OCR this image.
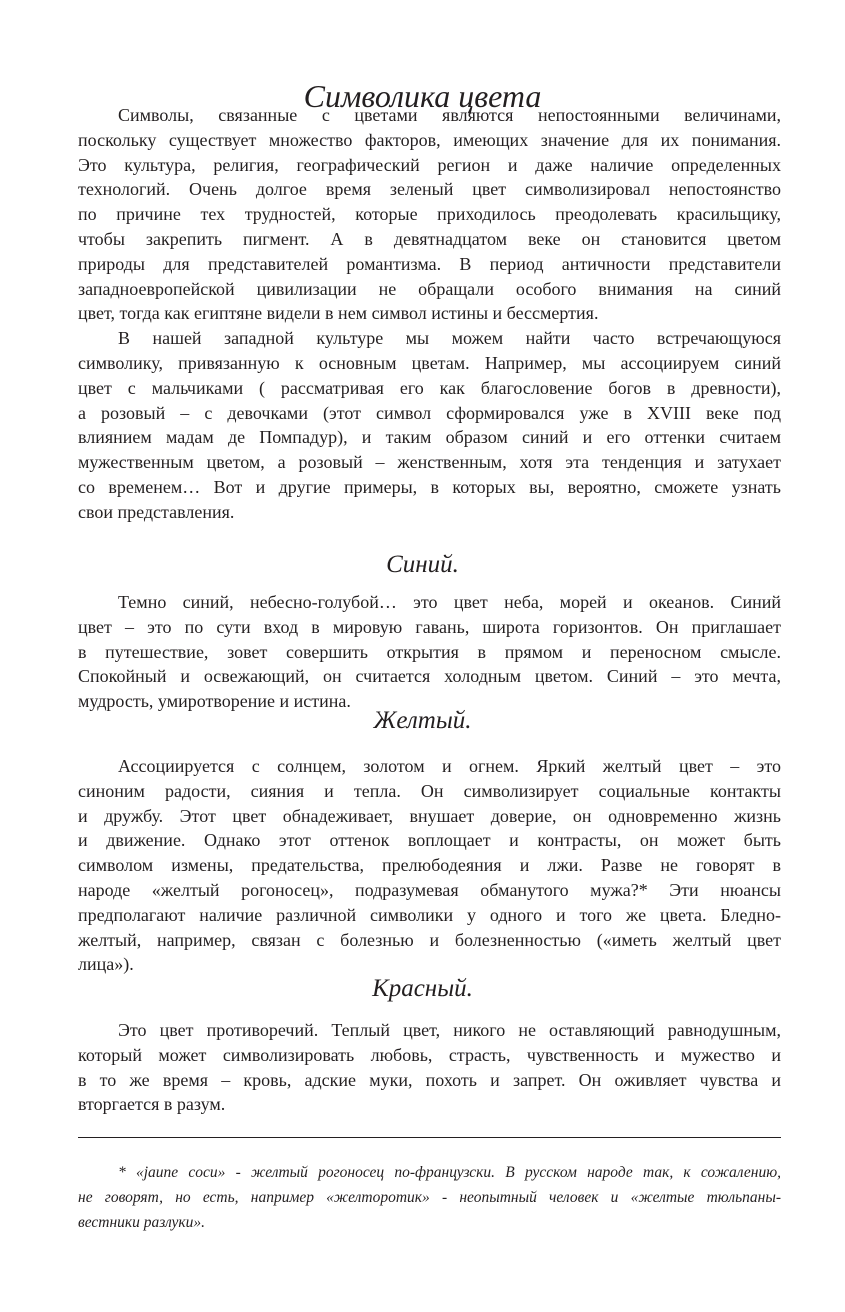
Символика цвета
Символы, связанные с цветами являются непостоянными величинами,
поскольку существует множество факторов, имеющих значение для их понимания.
Это культура, религия, географический регион и даже наличие определенных
технологий. Очень долгое время зеленый цвет символизировал непостоянство
по причине тех трудностей, которые приходилось преодолевать красильщику,
чтобы закрепить пигмент. А в девятнадцатом веке он становится цветом
природы для представителей романтизма. В период античности представители
западноевропейской цивилизации не обращали особого внимания на синий
цвет, тогда как египтяне видели в нем символ истины и бессмертия.
В нашей западной культуре мы можем найти часто встречающуюся
символику, привязанную к основным цветам. Например, мы ассоциируем синий
цвет с мальчиками ( рассматривая его как благословение богов в древности),
а розовый – с девочками (этот символ сформировался уже в XVIII веке под
влиянием мадам де Помпадур), и таким образом синий и его оттенки считаем
мужественным цветом, а розовый – женственным, хотя эта тенденция и затухает
со временем… Вот и другие примеры, в которых вы, вероятно, сможете узнать
свои представления.
Синий.
Темно синий, небесно-голубой… это цвет неба, морей и океанов. Синий
цвет – это по сути вход в мировую гавань, широта горизонтов. Он приглашает
в путешествие, зовет совершить открытия в прямом и переносном смысле.
Спокойный и освежающий, он считается холодным цветом. Синий – это мечта,
мудрость, умиротворение и истина.
Желтый.
Ассоциируется с солнцем, золотом и огнем. Яркий желтый цвет – это
синоним радости, сияния и тепла. Он символизирует социальные контакты
и дружбу. Этот цвет обнадеживает, внушает доверие, он одновременно жизнь
и движение. Однако этот оттенок воплощает и контрасты, он может быть
символом измены, предательства, прелюбодеяния и лжи. Разве не говорят в
народе «желтый рогоносец», подразумевая обманутого мужа?* Эти нюансы
предполагают наличие различной символики у одного и того же цвета. Бледно-
желтый, например, связан с болезнью и болезненностью («иметь желтый цвет
лица»).
Красный.
Это цвет противоречий. Теплый цвет, никого не оставляющий равнодушным,
который может символизировать любовь, страсть, чувственность и мужество и
в то же время – кровь, адские муки, похоть и запрет. Он оживляет чувства и
вторгается в разум.
* «jaune cocu» - желтый рогоносец по-французски. В русском народе так, к сожалению,
не говорят, но есть, например «желторотик» - неопытный человек и «желтые тюльпаны-
вестники разлуки».
